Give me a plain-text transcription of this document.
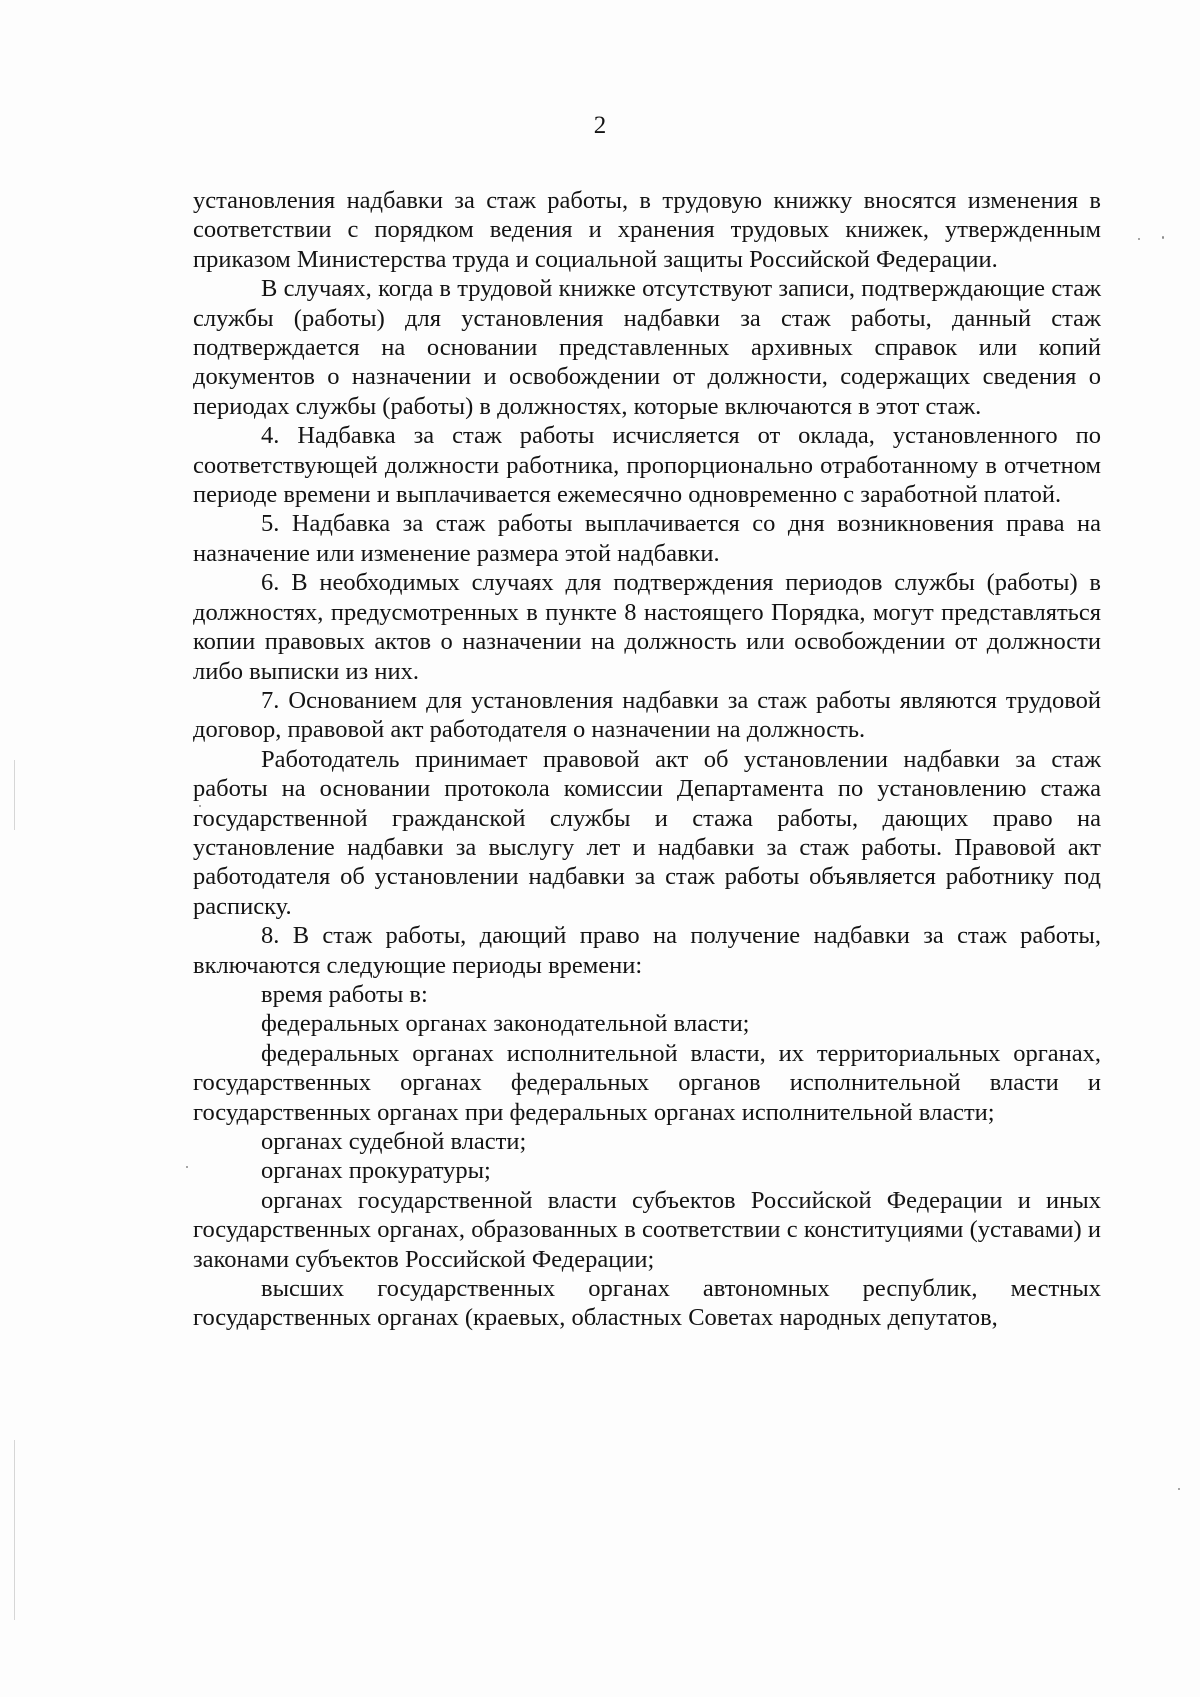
2

установления надбавки за стаж работы, в трудовую книжку вносятся изменения в соответствии с порядком ведения и хранения трудовых книжек, утвержденным приказом Министерства труда и социальной защиты Российской Федерации.

В случаях, когда в трудовой книжке отсутствуют записи, подтверждающие стаж службы (работы) для установления надбавки за стаж работы, данный стаж подтверждается на основании представленных архивных справок или копий документов о назначении и освобождении от должности, содержащих сведения о периодах службы (работы) в должностях, которые включаются в этот стаж.

4. Надбавка за стаж работы исчисляется от оклада, установленного по соответствующей должности работника, пропорционально отработанному в отчетном периоде времени и выплачивается ежемесячно одновременно с заработной платой.

5. Надбавка за стаж работы выплачивается со дня возникновения права на назначение или изменение размера этой надбавки.

6. В необходимых случаях для подтверждения периодов службы (работы) в должностях, предусмотренных в пункте 8 настоящего Порядка, могут представляться копии правовых актов о назначении на должность или освобождении от должности либо выписки из них.

7. Основанием для установления надбавки за стаж работы являются трудовой договор, правовой акт работодателя о назначении на должность.

Работодатель принимает правовой акт об установлении надбавки за стаж работы на основании протокола комиссии Департамента по установлению стажа государственной гражданской службы и стажа работы, дающих право на установление надбавки за выслугу лет и надбавки за стаж работы. Правовой акт работодателя об установлении надбавки за стаж работы объявляется работнику под расписку.

8. В стаж работы, дающий право на получение надбавки за стаж работы, включаются следующие периоды времени:

время работы в:

федеральных органах законодательной власти;

федеральных органах исполнительной власти, их территориальных органах, государственных органах федеральных органов исполнительной власти и государственных органах при федеральных органах исполнительной власти;

органах судебной власти;

органах прокуратуры;

органах государственной власти субъектов Российской Федерации и иных государственных органах, образованных в соответствии с конституциями (уставами) и законами субъектов Российской Федерации;

высших государственных органах автономных республик, местных государственных органах (краевых, областных Советах народных депутатов,
